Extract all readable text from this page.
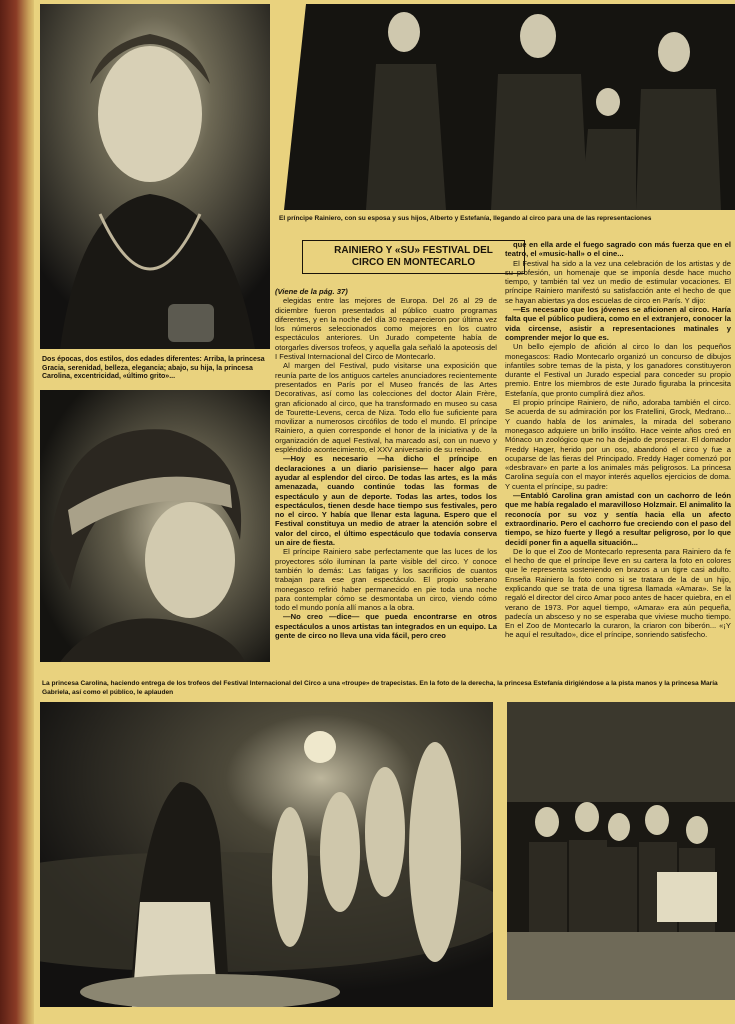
El príncipe Rainiero, con su esposa y sus hijos, Alberto y Estefanía, llegando al circo para una de las representaciones
Dos épocas, dos estilos, dos edades diferentes: Arriba, la princesa Gracia, serenidad, belleza, elegancia; abajo, su hija, la princesa Carolina, excentricidad, «último grito»...
RAINIERO Y «SU» FESTIVAL DEL
CIRCO EN MONTECARLO

(Viene de la pág. 37)

elegidas entre las mejores de Europa. Del 26 al 29 de diciembre fueron presentados al público cuatro programas diferentes, y en la noche del día 30 reaparecieron por última vez los números seleccionados como mejores en los cuatro espectáculos anteriores. Un Jurado competente había de otorgarles diversos trofeos, y aquella gala señaló la apoteosis del I Festival Internacional del Circo de Montecarlo.

Al margen del Festival, pudo visitarse una exposición que reunía parte de los antiguos carteles anunciadores recientemente presentados en París por el Museo francés de las Artes Decorativas, así como las colecciones del doctor Alain Frère, gran aficionado al circo, que ha transformado en museo su casa de Tourette-Levens, cerca de Niza. Todo ello fue suficiente para movilizar a numerosos circófilos de todo el mundo. El príncipe Rainiero, a quien corresponde el honor de la iniciativa y de la organización de aquel Festival, ha marcado así, con un nuevo y espléndido acontecimiento, el XXV aniversario de su reinado.

—Hoy es necesario —ha dicho el príncipe en declaraciones a un diario parisiense— hacer algo para ayudar al esplendor del circo. De todas las artes, es la más amenazada, cuando continúe todas las formas de espectáculo y aun de deporte. Todas las artes, todos los espectáculos, tienen desde hace tiempo sus festivales, pero no el circo. Y había que llenar esta laguna. Espero que el Festival constituya un medio de atraer la atención sobre el valor del circo, el último espectáculo que todavía conserva un aire de fiesta.

El príncipe Rainiero sabe perfectamente que las luces de los proyectores sólo iluminan la parte visible del circo. Y conoce también lo demás: Las fatigas y los sacrificios de cuantos trabajan para ese gran espectáculo. El propio soberano monegasco refirió haber permanecido en pie toda una noche para contemplar cómo se desmontaba un circo, viendo cómo todo el mundo ponía allí manos a la obra.

—No creo —dice— que pueda encontrarse en otros espectáculos a unos artistas tan integrados en un equipo. La gente de circo no lleva una vida fácil, pero creo

que en ella arde el fuego sagrado con más fuerza que en el teatro, el «music-hall» o el cine...

El Festival ha sido a la vez una celebración de los artistas y de su profesión, un homenaje que se imponía desde hace mucho tiempo, y también tal vez un medio de estimular vocaciones. El príncipe Rainiero manifestó su satisfacción ante el hecho de que se hayan abiertas ya dos escuelas de circo en París. Y dijo:

—Es necesario que los jóvenes se aficionen al circo. Haría falta que el público pudiera, como en el extranjero, conocer la vida circense, asistir a representaciones matinales y comprender mejor lo que es.

Un bello ejemplo de afición al circo lo dan los pequeños monegascos: Radio Montecarlo organizó un concurso de dibujos infantiles sobre temas de la pista, y los ganadores constituyeron durante el Festival un Jurado especial para conceder su propio premio. Entre los miembros de este Jurado figuraba la princesita Estefanía, que pronto cumplirá diez años.

El propio príncipe Rainiero, de niño, adoraba también el circo. Se acuerda de su admiración por los Fratellini, Grock, Medrano... Y cuando habla de los animales, la mirada del soberano monegasco adquiere un brillo insólito. Hace veinte años creó en Mónaco un zoológico que no ha dejado de prosperar. El domador Freddy Hager, herido por un oso, abandonó el circo y fue a ocuparse de las fieras del Principado. Freddy Hager comenzó por «desbravar» en parte a los animales más peligrosos. La princesa Carolina seguía con el mayor interés aquellos ejercicios de doma. Y cuenta el príncipe, su padre:

—Entabló Carolina gran amistad con un cachorro de león que me había regalado el maravilloso Holzmair. El animalito la reconocía por su voz y sentía hacia ella un afecto extraordinario. Pero el cachorro fue creciendo con el paso del tiempo, se hizo fuerte y llegó a resultar peligroso, por lo que decidí poner fin a aquella situación...

De lo que el Zoo de Montecarlo representa para Rainiero da fe el hecho de que el príncipe lleve en su cartera la foto en colores que le representa sosteniendo en brazos a un tigre casi adulto. Enseña Rainiero la foto como si se tratara de la de un hijo, explicando que se trata de una tigresa llamada «Amara». Se la regaló el director del circo Amar poco antes de hacer quiebra, en el verano de 1973. Por aquel tiempo, «Amara» era aún pequeña, padecía un absceso y no se esperaba que viviese mucho tiempo. En el Zoo de Montecarlo la curaron, la criaron con biberón... «¡Y he aquí el resultado», dice el príncipe, sonriendo satisfecho.

La princesa Carolina, haciendo entrega de los trofeos del Festival Internacional del Circo a una «troupe» de trapecistas. En la foto de la derecha, la princesa Estefanía dirigiéndose a la pista manos y la princesa María Gabriela, así como el público, le aplauden
